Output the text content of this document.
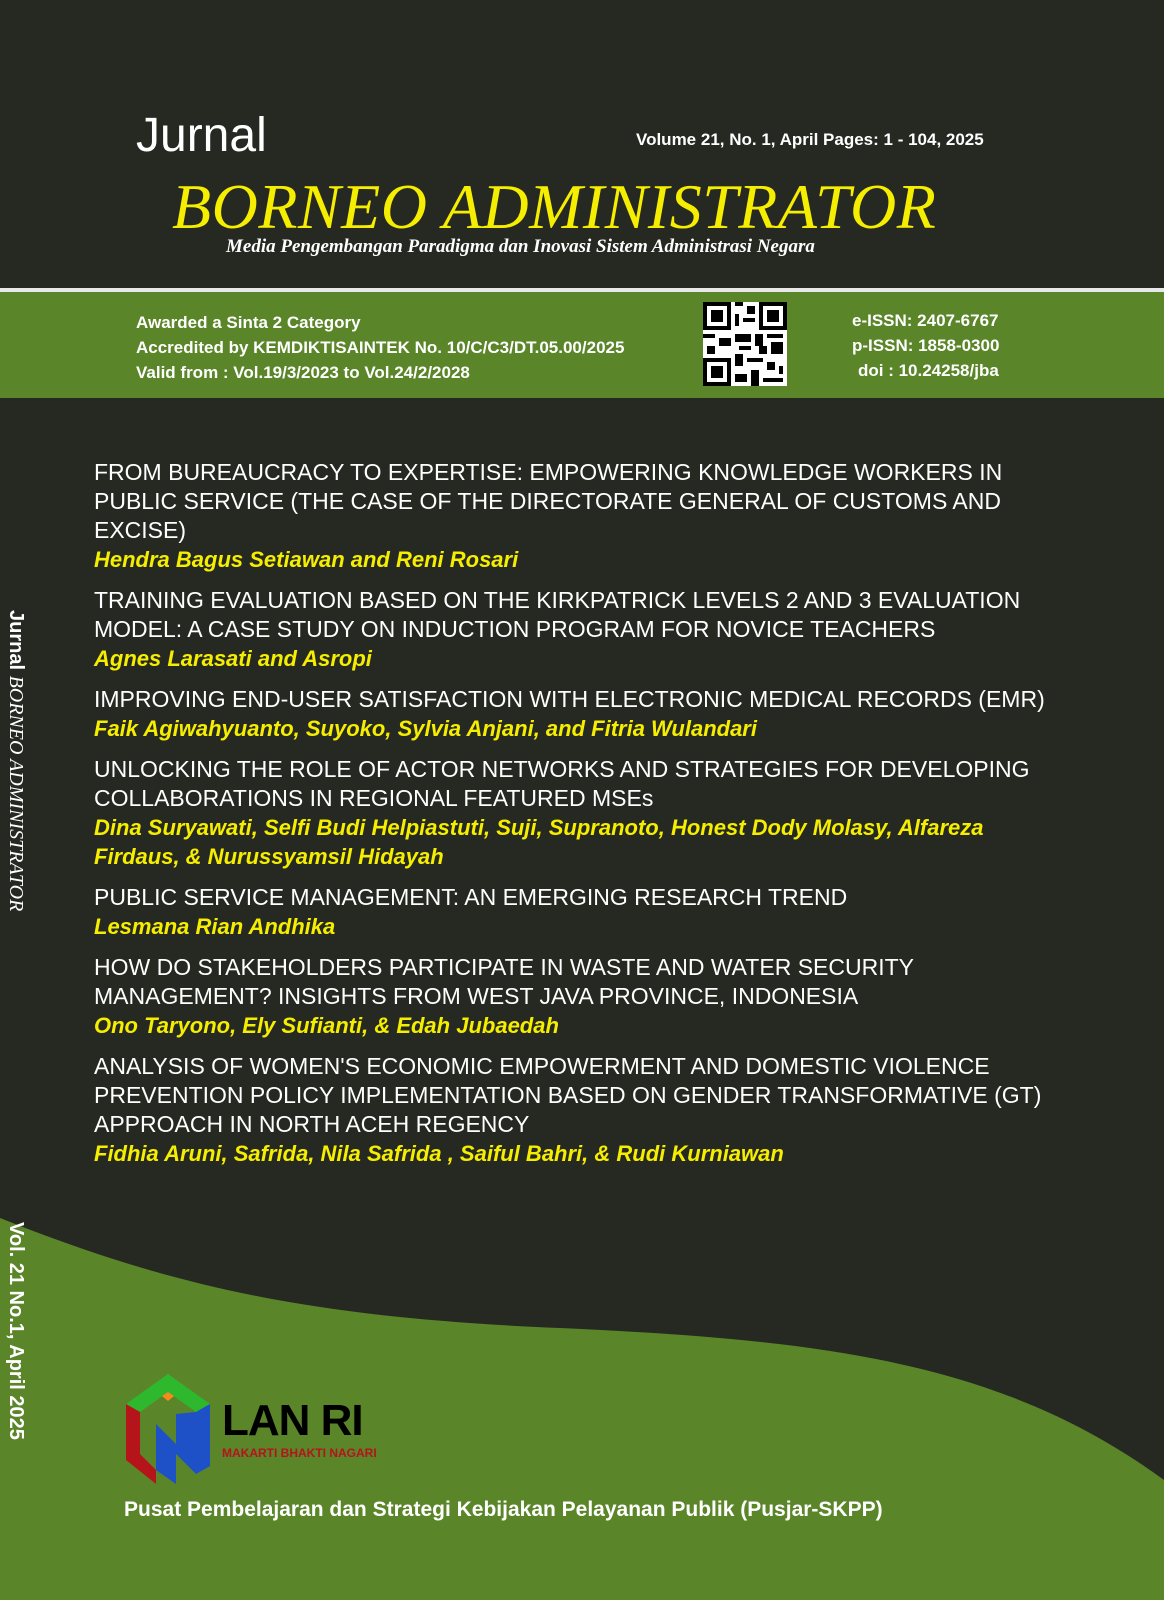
Jurnal	Volume 21, No. 1, April Pages: 1 - 104, 2025
BORNEO ADMINISTRATOR
Media Pengembangan Paradigma dan Inovasi Sistem Administrasi Negara
Awarded a Sinta 2 Category
Accredited by KEMDIKTISAINTEK No. 10/C/C3/DT.05.00/2025
Valid from : Vol.19/3/2023 to Vol.24/2/2028
e-ISSN: 2407-6767
p-ISSN: 1858-0300
doi : 10.24258/jba
FROM BUREAUCRACY TO EXPERTISE: EMPOWERING KNOWLEDGE WORKERS IN PUBLIC SERVICE (THE CASE OF THE DIRECTORATE GENERAL OF CUSTOMS AND EXCISE)
Hendra Bagus Setiawan and Reni Rosari
TRAINING EVALUATION BASED ON THE KIRKPATRICK LEVELS 2 AND 3 EVALUATION MODEL: A CASE STUDY ON INDUCTION PROGRAM FOR NOVICE TEACHERS
Agnes Larasati and Asropi
IMPROVING END-USER SATISFACTION WITH ELECTRONIC MEDICAL RECORDS (EMR)
Faik Agiwahyuanto, Suyoko, Sylvia Anjani, and Fitria Wulandari
UNLOCKING THE ROLE OF ACTOR NETWORKS AND STRATEGIES FOR DEVELOPING COLLABORATIONS IN REGIONAL FEATURED MSEs
Dina Suryawati, Selfi Budi Helpiastuti, Suji, Supranoto, Honest Dody Molasy, Alfareza Firdaus, & Nurussyamsil Hidayah
PUBLIC SERVICE MANAGEMENT: AN EMERGING RESEARCH TREND
Lesmana Rian Andhika
HOW DO STAKEHOLDERS PARTICIPATE IN WASTE AND WATER SECURITY MANAGEMENT? INSIGHTS FROM WEST JAVA PROVINCE, INDONESIA
Ono Taryono, Ely Sufianti, & Edah Jubaedah
ANALYSIS OF WOMEN'S ECONOMIC EMPOWERMENT AND DOMESTIC VIOLENCE PREVENTION POLICY IMPLEMENTATION BASED ON GENDER TRANSFORMATIVE (GT) APPROACH IN NORTH ACEH REGENCY
Fidhia Aruni, Safrida, Nila Safrida , Saiful Bahri, & Rudi Kurniawan
Jurnal BORNEO ADMINISTRATOR
Vol. 21 No.1, April 2025	LAN RI
MAKARTI BHAKTI NAGARI
Pusat Pembelajaran dan Strategi Kebijakan Pelayanan Publik (Pusjar-SKPP)
